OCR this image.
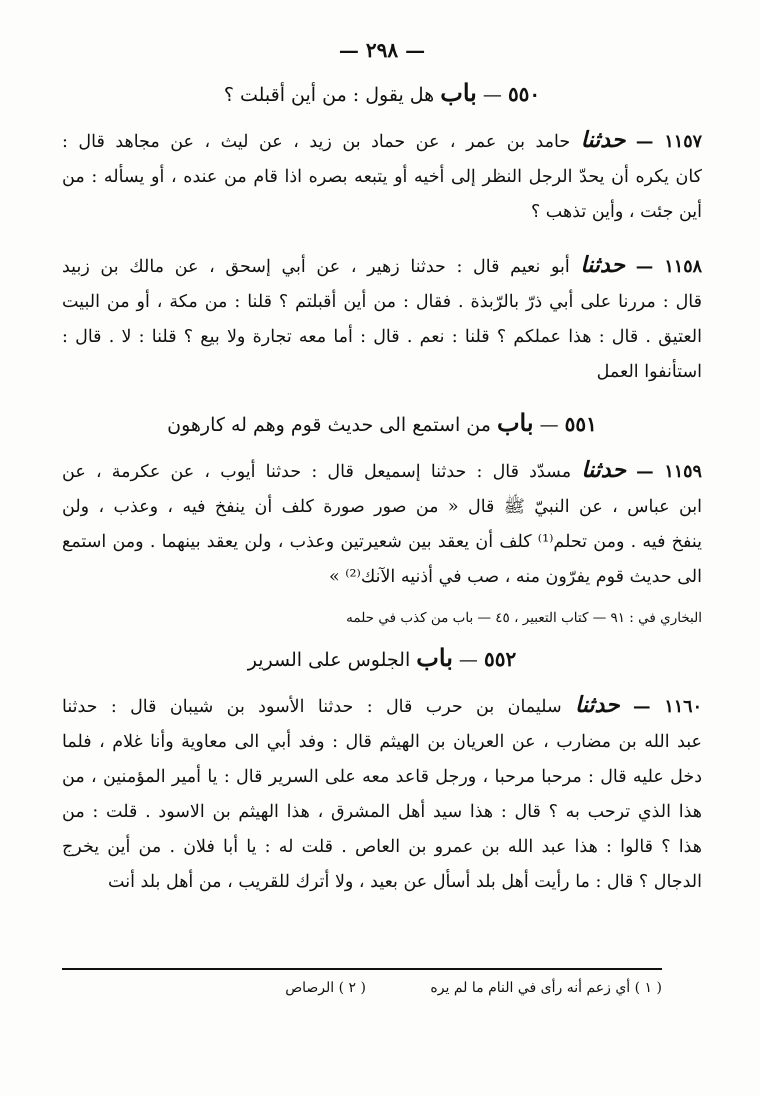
— ٢٩٨ —
٥٥٠ — باب هل يقول : من أين أقبلت ؟
١١٥٧ — حدثنا حامد بن عمر ، عن حماد بن زيد ، عن ليث ، عن مجاهد قال :
كان يكره أن يحدّ الرجل النظر إلى أخيه أو يتبعه بصره اذا قام من عنده ، أو يسأله : من
أين جئت ، وأين تذهب ؟
١١٥٨ — حدثنا أبو نعيم قال : حدثنا زهير ، عن أبي إسحق ، عن مالك بن زبيد
قال : مررنا على أبي ذرّ بالرّبذة . فقال : من أين أقبلتم ؟ قلنا : من مكة ، أو من البيت
العتيق . قال : هذا عملكم ؟ قلنا : نعم . قال : أما معه تجارة ولا بيع ؟ قلنا : لا . قال :
استأنفوا العمل
٥٥١ — باب من استمع الى حديث قوم وهم له كارهون
١١٥٩ — حدثنا مسدّد قال : حدثنا إسميعل قال : حدثنا أيوب ، عن عكرمة ، عن
ابن عباس ، عن النبيّ ﷺ قال « من صور صورة كلف أن ينفخ فيه ، وعذب ، ولن
ينفخ فيه . ومن تحلم⁽¹⁾ كلف أن يعقد بين شعيرتين وعذب ، ولن يعقد بينهما . ومن استمع
الى حديث قوم يفرّون منه ، صب في أذنيه الآنك⁽²⁾ »
البخاري في : ٩١ — كتاب التعبير ، ٤٥ — باب من كذب في حلمه
٥٥٢ — باب الجلوس على السرير
١١٦٠ — حدثنا سليمان بن حرب قال : حدثنا الأسود بن شيبان قال : حدثنا
عبد الله بن مضارب ، عن العريان بن الهيثم قال : وفد أبي الى معاوية وأنا غلام ، فلما
دخل عليه قال : مرحبا مرحبا ، ورجل قاعد معه على السرير قال : يا أمير المؤمنين ، من
هذا الذي ترحب به ؟ قال : هذا سيد أهل المشرق ، هذا الهيثم بن الاسود . قلت : من
هذا ؟ قالوا : هذا عبد الله بن عمرو بن العاص . قلت له : يا أبا فلان . من أين يخرج
الدجال ؟ قال : ما رأيت أهل بلد أسأل عن بعيد ، ولا أترك للقريب ، من أهل بلد أنت
( ١ ) أي زعم أنه رأى في النام ما لم يره ( ٢ ) الرصاص
